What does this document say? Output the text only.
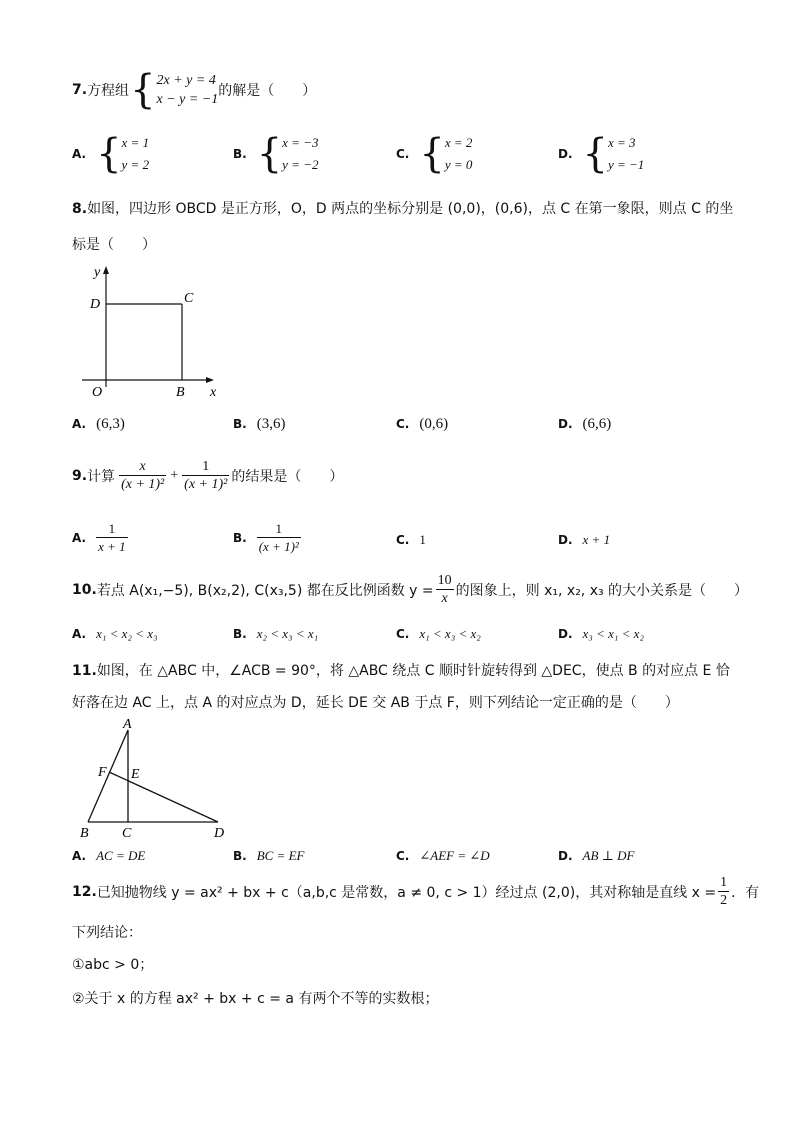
7. 方程组 { 2x + y = 4
x − y = −1
的解是（　　）
A. { x = 1
y = 2
B. { x = −3
y = −2
C. { x = 2
y = 0
D. { x = 3
y = −1
8.如图，四边形 OBCD 是正方形，O，D 两点的坐标分别是 (0,0)，(0,6)，点 C 在第一象限，则点 C 的坐
标是（　　）
y
D	C
O	B x
A. (6,3)	B. (3,6)	C. (0,6)	D. (6,6)
9. 计算 $\frac{x}{\text{(x + 1)²}} + \frac{1}{\text{(x + 1)²}}$ 的结果是（　　）
A. $\frac{1}{x + 1}$	B. $\frac{1}{\text{(x + 1)²}}$	C. 1	D. x + 1
10. 若点 A(x₁,−5), B(x₂,2), C(x₃,5) 都在反比例函数 $y = \frac{10}{x}$ 的图象上，则 x₁, x₂, x₃ 的大小关系是（　　）
A. x₁ < x₂ < x₃	B. x₂ < x₃ < x₁	C. x₁ < x₃ < x₂	D. x₃ < x₁ < x₂
11.如图，在 △ABC 中，∠ACB = 90°，将 △ABC 绕点 C 顺时针旋转得到 △DEC，使点 B 的对应点 E 恰
好落在边 AC 上，点 A 的对应点为 D，延长 DE 交 AB 于点 F，则下列结论一定正确的是（　　）
A
F E
B C	D
A. AC = DE	B. BC = EF	C. ∠AEF = ∠D	D. AB ⊥ DF
12. 已知抛物线 y = ax² + bx + c（a,b,c 是常数，a ≠ 0, c > 1）经过点 (2,0)，其对称轴是直线 $x = \frac{1}{2}$ ．有
下列结论：
①abc > 0；
②关于 x 的方程 ax² + bx + c = a 有两个不等的实数根；
